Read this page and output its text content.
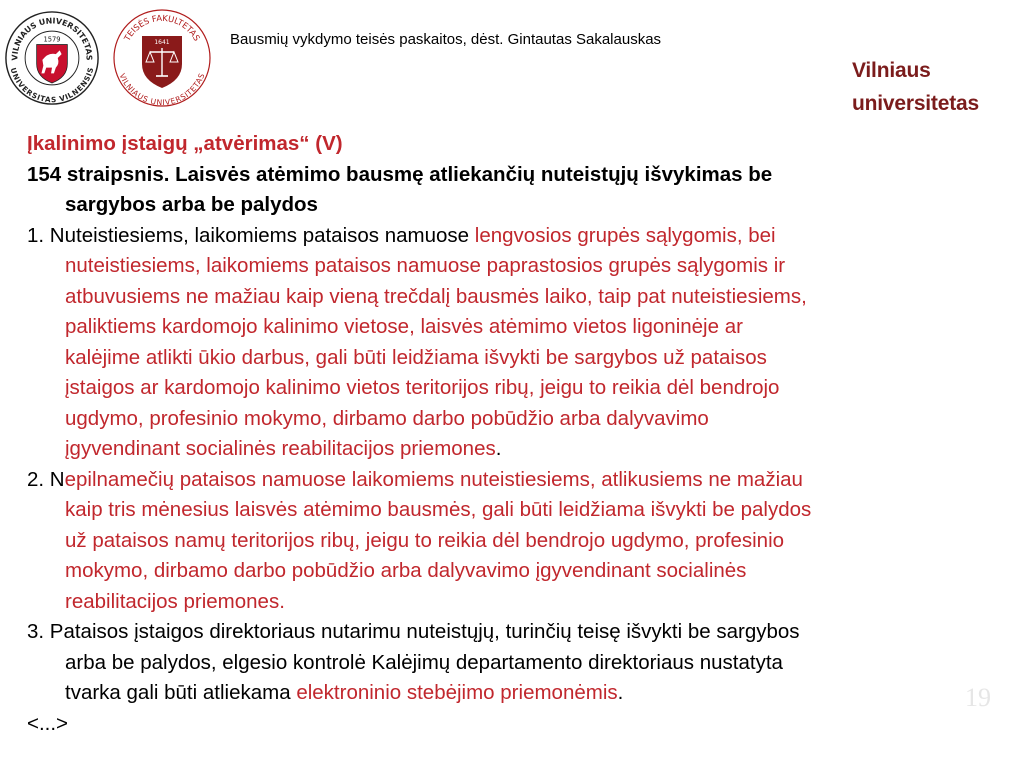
VILNIAUS UNIVERSITETAS
UNIVERSITAS VILNENSIS
1579	TEISĖS FAKULTETAS
VILNIAUS UNIVERSITETAS
1641	Bausmių vykdymo teisės paskaitos, dėst. Gintautas Sakalauskas
Vilniaus
universitetas
Įkalinimo įstaigų „atvėrimas“ (V)
154 straipsnis. Laisvės atėmimo bausmę atliekančių nuteistųjų išvykimas be
sargybos arba be palydos
1. Nuteistiesiems, laikomiems pataisos namuose lengvosios grupės sąlygomis, bei
nuteistiesiems, laikomiems pataisos namuose paprastosios grupės sąlygomis ir
atbuvusiems ne mažiau kaip vieną trečdalį bausmės laiko, taip pat nuteistiesiems,
paliktiems kardomojo kalinimo vietose, laisvės atėmimo vietos ligoninėje ar
kalėjime atlikti ūkio darbus, gali būti leidžiama išvykti be sargybos už pataisos
įstaigos ar kardomojo kalinimo vietos teritorijos ribų, jeigu to reikia dėl bendrojo
ugdymo, profesinio mokymo, dirbamo darbo pobūdžio arba dalyvavimo
įgyvendinant socialinės reabilitacijos priemones.
2. Nepilnamečių pataisos namuose laikomiems nuteistiesiems, atlikusiems ne mažiau
kaip tris mėnesius laisvės atėmimo bausmės, gali būti leidžiama išvykti be palydos
už pataisos namų teritorijos ribų, jeigu to reikia dėl bendrojo ugdymo, profesinio
mokymo, dirbamo darbo pobūdžio arba dalyvavimo įgyvendinant socialinės
reabilitacijos priemones.
3. Pataisos įstaigos direktoriaus nutarimu nuteistųjų, turinčių teisę išvykti be sargybos
arba be palydos, elgesio kontrolė Kalėjimų departamento direktoriaus nustatyta
tvarka gali būti atliekama elektroninio stebėjimo priemonėmis.
<...>
19
